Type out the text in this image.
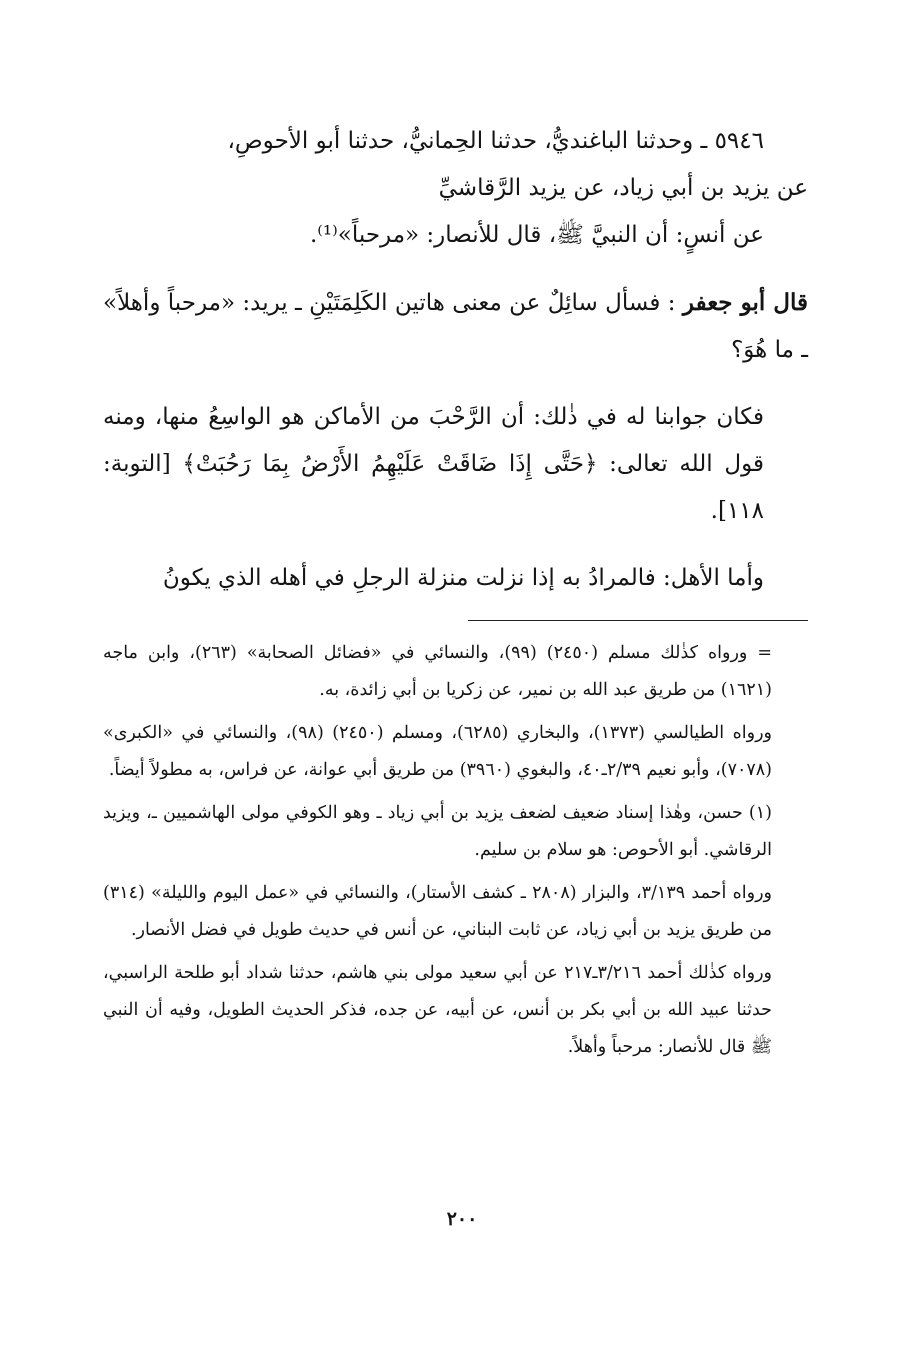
٥٩٤٦ ـ وحدثنا الباغنديُّ، حدثنا الحِمانيُّ، حدثنا أبو الأحوصِ،

عن يزيد بن أبي زياد، عن يزيد الرَّقاشيِّ

عن أنسٍ: أن النبيَّ ﷺ، قال للأنصار: «مرحباً»⁽¹⁾.

قال أبو جعفر : فسأل سائِلٌ عن معنى هاتين الكَلِمَتَيْنِ ـ يريد: «مرحباً وأهلاً» ـ ما هُوَ؟

فكان جوابنا له في ذٰلك: أن الرَّحْبَ من الأماكن هو الواسِعُ منها، ومنه قول الله تعالى: ﴿حَتَّى إِذَا ضَاقَتْ عَلَيْهِمُ الأَرْضُ بِمَا رَحُبَتْ﴾ [التوبة: ١١٨].

وأما الأهل: فالمرادُ به إذا نزلت منزلة الرجلِ في أهله الذي يكونُ

= ورواه كذٰلك مسلم (٢٤٥٠) (٩٩)، والنسائي في «فضائل الصحابة» (٢٦٣)، وابن ماجه (١٦٢١) من طريق عبد الله بن نمير، عن زكريا بن أبي زائدة، به.

ورواه الطيالسي (١٣٧٣)، والبخاري (٦٢٨٥)، ومسلم (٢٤٥٠) (٩٨)، والنسائي في «الكبرى» (٧٠٧٨)، وأبو نعيم ٢/٣٩ـ٤٠، والبغوي (٣٩٦٠) من طريق أبي عوانة، عن فراس، به مطولاً أيضاً.

(١) حسن، وهٰذا إسناد ضعيف لضعف يزيد بن أبي زياد ـ وهو الكوفي مولى الهاشميين ـ، ويزيد الرقاشي. أبو الأحوص: هو سلام بن سليم.

ورواه أحمد ٣/١٣٩، والبزار (٢٨٠٨ ـ كشف الأستار)، والنسائي في «عمل اليوم والليلة» (٣١٤) من طريق يزيد بن أبي زياد، عن ثابت البناني، عن أنس في حديث طويل في فضل الأنصار.

ورواه كذٰلك أحمد ٣/٢١٦ـ٢١٧ عن أبي سعيد مولى بني هاشم، حدثنا شداد أبو طلحة الراسبي، حدثنا عبيد الله بن أبي بكر بن أنس، عن أبيه، عن جده، فذكر الحديث الطويل، وفيه أن النبي ﷺ قال للأنصار: مرحباً وأهلاً.

٢٠٠
